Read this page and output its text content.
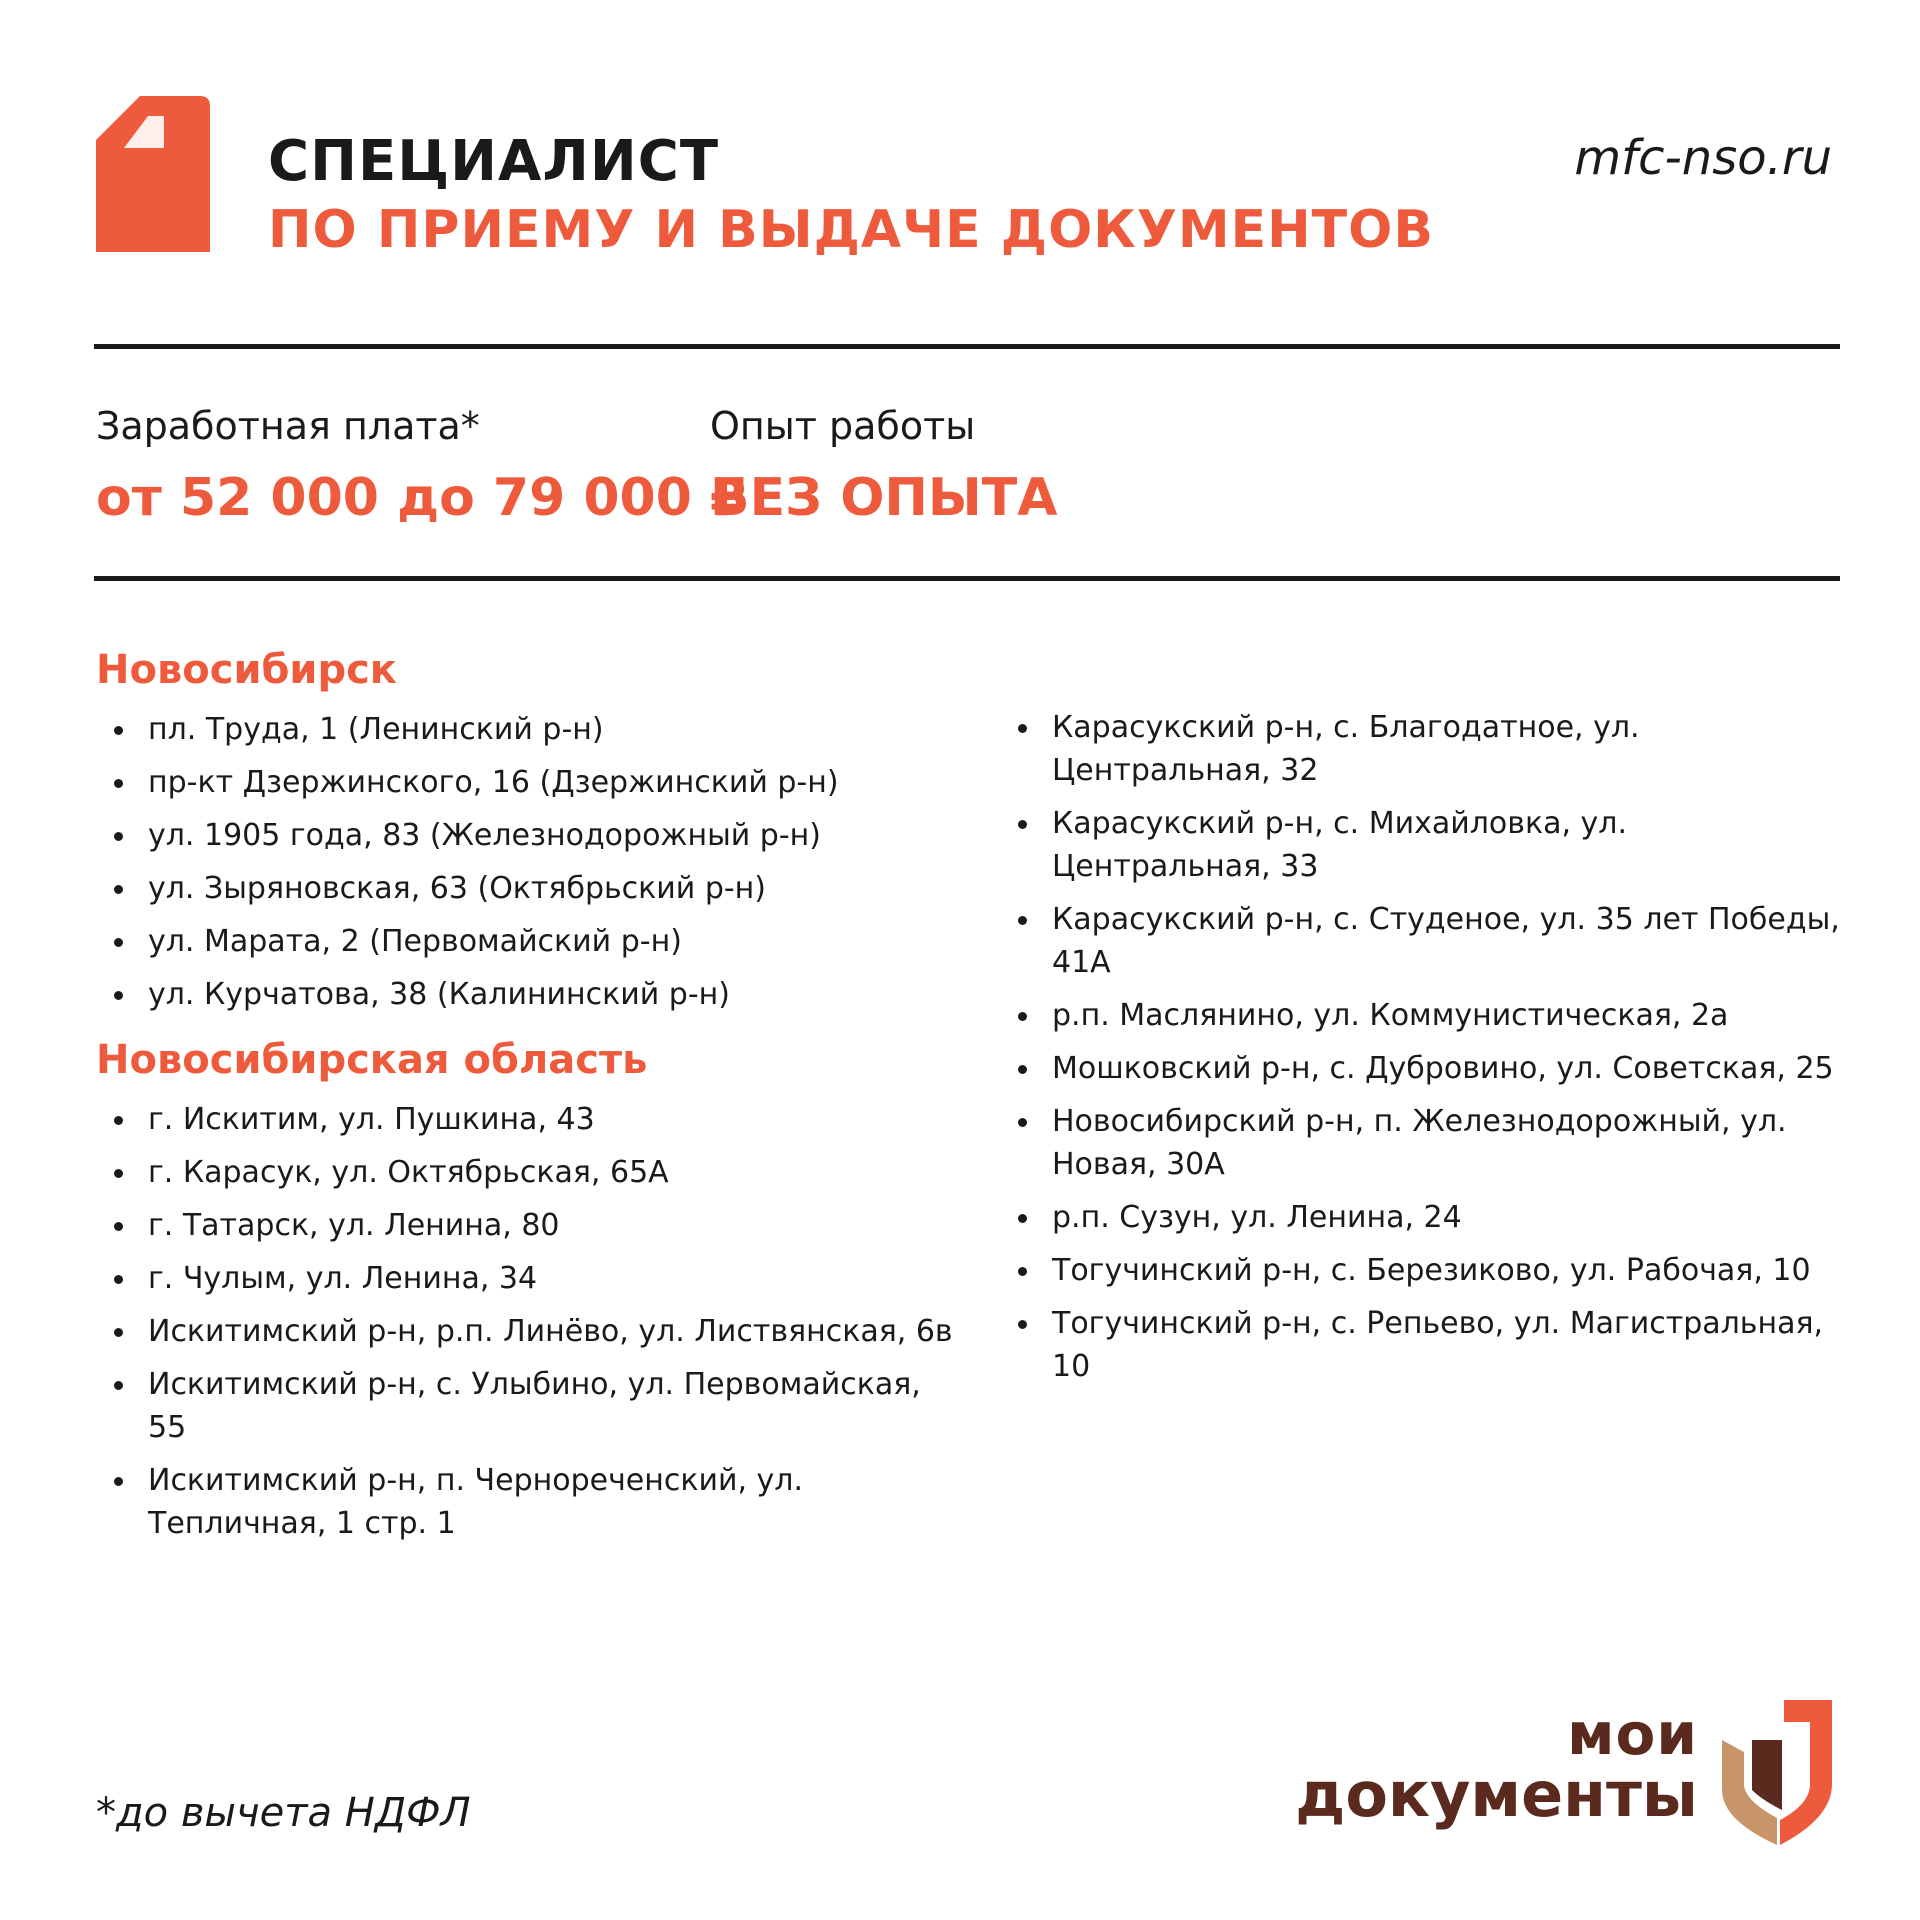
СПЕЦИАЛИСТ
ПО ПРИЕМУ И ВЫДАЧЕ ДОКУМЕНТОВ
mfc-nso.ru
Заработная плата*
от 52 000 до 79 000 ₽
Опыт работы
БЕЗ ОПЫТА
Новосибирск
пл. Труда, 1 (Ленинский р-н)
пр-кт Дзержинского, 16 (Дзержинский р-н)
ул. 1905 года, 83 (Железнодорожный р-н)
ул. Зыряновская, 63 (Октябрьский р-н)
ул. Марата, 2 (Первомайский р-н)
ул. Курчатова, 38 (Калининский р-н)
Новосибирская область
г. Искитим, ул. Пушкина, 43
г. Карасук, ул. Октябрьская, 65А
г. Татарск, ул. Ленина, 80
г. Чулым, ул. Ленина, 34
Искитимский р-н, р.п. Линёво, ул. Листвянская, 6в
Искитимский р-н, с. Улыбино, ул. Первомайская, 55
Искитимский р-н, п. Чернореченский, ул. Тепличная, 1 стр. 1
Карасукский р-н, с. Благодатное, ул. Центральная, 32
Карасукский р-н, с. Михайловка, ул. Центральная, 33
Карасукский р-н, с. Студеное, ул. 35 лет Победы, 41А
р.п. Маслянино, ул. Коммунистическая, 2а
Мошковский р-н, с. Дубровино, ул. Советская, 25
Новосибирский р-н, п. Железнодорожный, ул. Новая, 30А
р.п. Сузун, ул. Ленина, 24
Тогучинский р-н, с. Березиково, ул. Рабочая, 10
Тогучинский р-н, с. Репьево, ул. Магистральная, 10
*до вычета НДФЛ
мои
документы
